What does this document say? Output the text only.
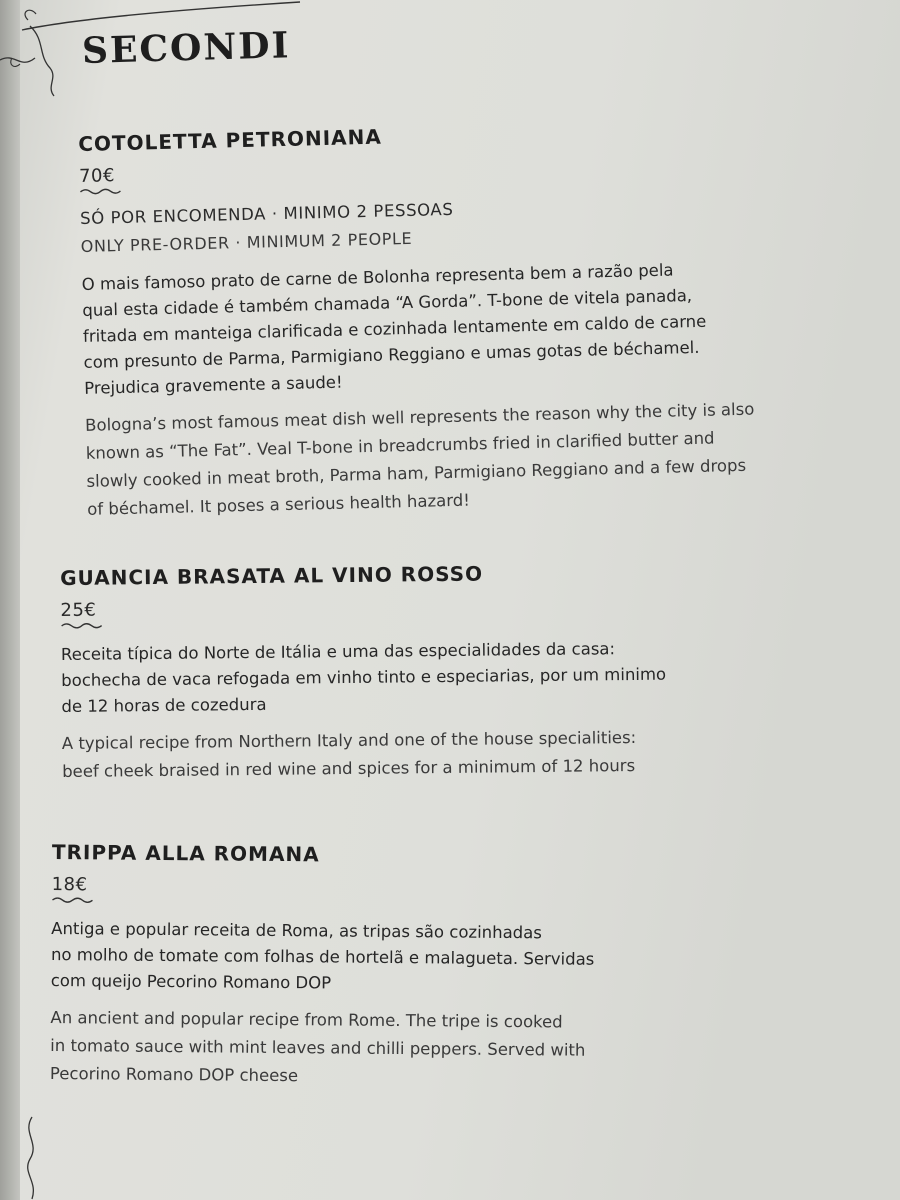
SECONDI
COTOLETTA PETRONIANA
70€
SÓ POR ENCOMENDA · MINIMO 2 PESSOAS
ONLY PRE-ORDER · MINIMUM 2 PEOPLE
O mais famoso prato de carne de Bolonha representa bem a razão pela
qual esta cidade é também chamada “A Gorda”. T-bone de vitela panada,
fritada em manteiga clarificada e cozinhada lentamente em caldo de carne
com presunto de Parma, Parmigiano Reggiano e umas gotas de béchamel.
Prejudica gravemente a saude!
Bologna’s most famous meat dish well represents the reason why the city is also
known as “The Fat”. Veal T-bone in breadcrumbs fried in clarified butter and
slowly cooked in meat broth, Parma ham, Parmigiano Reggiano and a few drops
of béchamel. It poses a serious health hazard!
GUANCIA BRASATA AL VINO ROSSO
25€
Receita típica do Norte de Itália e uma das especialidades da casa:
bochecha de vaca refogada em vinho tinto e especiarias, por um minimo
de 12 horas de cozedura
A typical recipe from Northern Italy and one of the house specialities:
beef cheek braised in red wine and spices for a minimum of 12 hours
TRIPPA ALLA ROMANA
18€
Antiga e popular receita de Roma, as tripas são cozinhadas
no molho de tomate com folhas de hortelã e malagueta. Servidas
com queijo Pecorino Romano DOP
An ancient and popular recipe from Rome. The tripe is cooked
in tomato sauce with mint leaves and chilli peppers. Served with
Pecorino Romano DOP cheese
